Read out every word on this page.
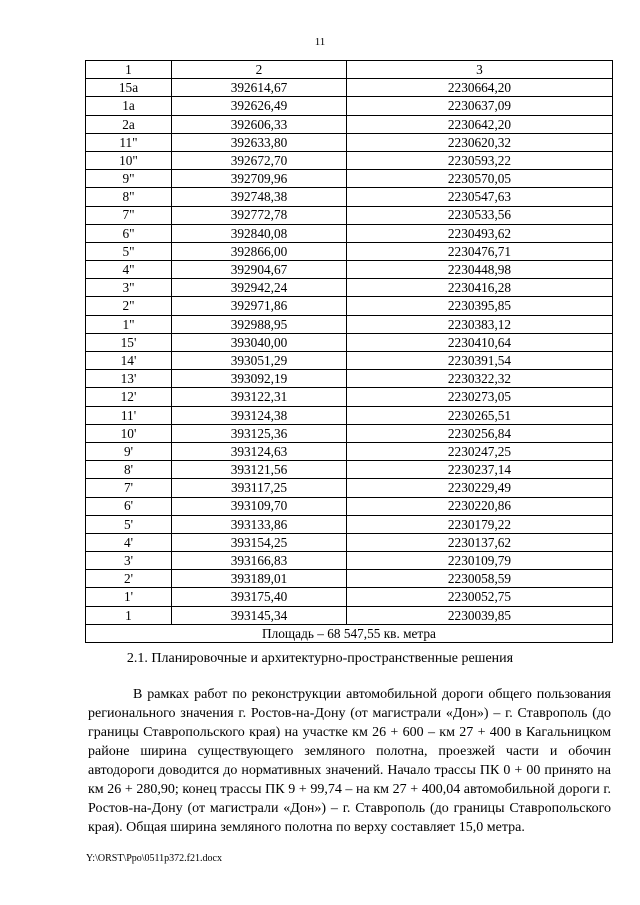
11
1	2	3
15а	392614,67	2230664,20
1а	392626,49	2230637,09
2а	392606,33	2230642,20
11"	392633,80	2230620,32
10"	392672,70	2230593,22
9"	392709,96	2230570,05
8"	392748,38	2230547,63
7"	392772,78	2230533,56
6"	392840,08	2230493,62
5"	392866,00	2230476,71
4"	392904,67	2230448,98
3"	392942,24	2230416,28
2"	392971,86	2230395,85
1"	392988,95	2230383,12
15'	393040,00	2230410,64
14'	393051,29	2230391,54
13'	393092,19	2230322,32
12'	393122,31	2230273,05
11'	393124,38	2230265,51
10'	393125,36	2230256,84
9'	393124,63	2230247,25
8'	393121,56	2230237,14
7'	393117,25	2230229,49
6'	393109,70	2230220,86
5'	393133,86	2230179,22
4'	393154,25	2230137,62
3'	393166,83	2230109,79
2'	393189,01	2230058,59
1'	393175,40	2230052,75
1	393145,34	2230039,85
Площадь – 68 547,55 кв. метра		
2.1. Планировочные и архитектурно-пространственные решения

В рамках работ по реконструкции автомобильной дороги общего пользования регионального значения г. Ростов-на-Дону (от магистрали «Дон») – г. Ставрополь (до границы Ставропольского края) на участке км 26 + 600 – км 27 + 400 в Кагальницком районе ширина существующего земляного полотна, проезжей части и обочин автодороги доводится до нормативных значений. Начало трассы ПК 0 + 00 принято на км 26 + 280,90; конец трассы ПК 9 + 99,74 – на км 27 + 400,04 автомобильной дороги г. Ростов-на-Дону (от магистрали «Дон») – г. Ставрополь (до границы Ставропольского края). Общая ширина земляного полотна по верху составляет 15,0 метра.

Y:\ORST\Ppo\0511p372.f21.docx
